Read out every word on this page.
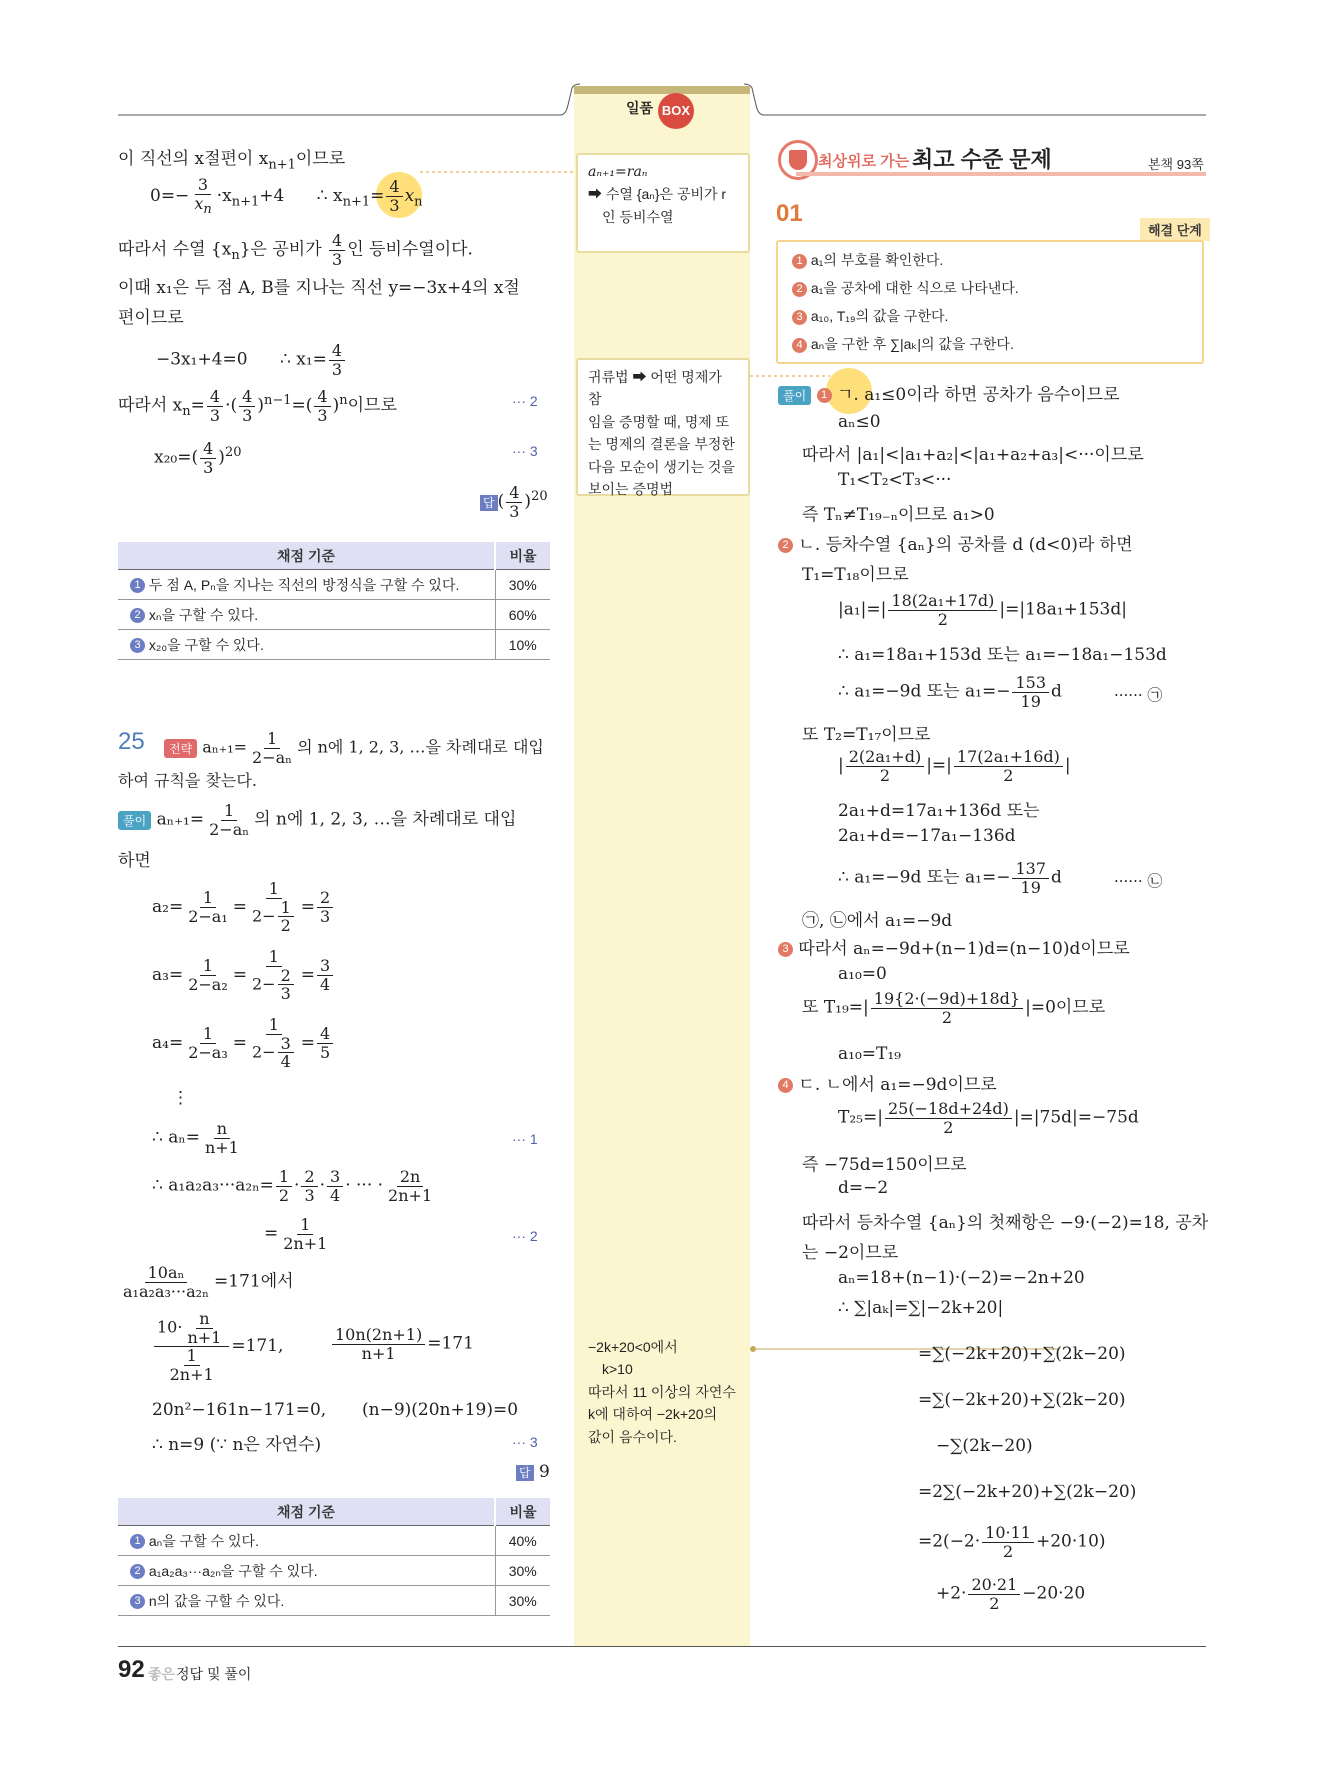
일품 BOX
이 직선의 x절편이 $x_{n+1}$이므로
$0=- \frac{3}{x_n} \cdot x_{n+1}+4$ ∴ $x_{n+1}= \frac{4}{3} x_n$
따라서 수열 $\{x_n\}$은 공비가 $\frac{4}{3}$ 인 등비수열이다.
이때 x₁은 두 점 A, B를 지나는 직선 y=−3x+4의 x절
편이므로
−3x₁+4=0 ∴ $x_1= \frac{4}{3}$
따라서 $x_n= \frac{4}{3}$ ·( $\frac{4}{3} )^{n-1}=( \frac{4}{3} )^n$이므로	··· 2
$x_{20}=( \frac{4}{3} )^{20}$	··· 3
답 ( $\frac{4}{3} )^{20}$
채점 기준	비율
1 두 점 A, Pₙ을 지나는 직선의 방정식을 구할 수 있다.	30%
2 xₙ을 구할 수 있다.	60%
3 x₂₀을 구할 수 있다.	10%
25	전략 $a_{n+1}= \frac{1}{\text{2−aₙ}}$ 의 n에 1, 2, 3, …을 차례대로 대입
하여 규칙을 찾는다.
풀이 $a_{n+1}= \frac{1}{\text{2−aₙ}}$ 의 n에 1, 2, 3, …을 차례대로 대입
하면
$a_2= \frac{1}{\text{2−a₁}} = \frac{1}{2- \frac{1}{2}} = \frac{2}{3}$
$a_3= \frac{1}{\text{2−a₂}} = \frac{1}{2- \frac{2}{3}} = \frac{3}{4}$
$a_4= \frac{1}{\text{2−a₃}} = \frac{1}{2- \frac{3}{4}} = \frac{4}{5}$
⋮
∴ $a_n= \frac{n}{n+1}$	··· 1
∴ $a_1a_2a_3\cdot\cdot\cdot a_{2n}= \frac{1}{2} \cdot \frac{2}{3} \cdot \frac{3}{4}$ · ··· · $\frac{2n}{2n+1}$
= $\frac{1}{2n+1}$	··· 2
$\frac{\text{10aₙ}}{\text{a₁a₂a₃···a₂ₙ}} =171$에서
$\frac{10\cdot \frac{n}{n+1}}{\frac{1}{2n+1}} =171$,	$\frac{10n(2n+1)}{n+1} =171$
20n²−161n−171=0, (n−9)(20n+19)=0
∴ n=9 (∵ n은 자연수)	··· 3
답 9
채점 기준	비율
1 aₙ을 구할 수 있다.	40%
2 a₁a₂a₃···a₂ₙ을 구할 수 있다.	30%
3 n의 값을 구할 수 있다.	30%
aₙ₊₁=raₙ
➡ 수열 {aₙ}은 공비가 r
인 등비수열
귀류법 ➡ 어떤 명제가 참
임을 증명할 때, 명제 또
는 명제의 결론을 부정한
다음 모순이 생기는 것을
보이는 증명법
−2k+20<0에서
k>10
따라서 11 이상의 자연수
k에 대하여 −2k+20의
값이 음수이다.
최상위로 가는 최고 수준 문제	본책 93쪽
01
해결 단계
1 a₁의 부호를 확인한다.
2 a₁을 공차에 대한 식으로 나타낸다.
3 a₁₀, T₁₉의 값을 구한다.
4 aₙ을 구한 후 ∑|aₖ|의 값을 구한다.
풀이 1 ㄱ. a₁≤0이라 하면 공차가 음수이므로
aₙ≤0
따라서 |a₁|<|a₁+a₂|<|a₁+a₂+a₃|<···이므로
T₁<T₂<T₃<···
즉 Tₙ≠T₁₉₋ₙ이므로 a₁>0
2 ㄴ. 등차수열 {aₙ}의 공차를 d (d<0)라 하면
T₁=T₁₈이므로
$|a_1|=| \frac{\text{18(2a₁+17d)}}{2} |=|18a_1+153d|$
∴ a₁=18a₁+153d 또는 a₁=−18a₁−153d
∴ a₁=−9d 또는 $a_1=- \frac{153}{19}$ d	······ ㉠
또 T₂=T₁₇이므로
| $\frac{\text{2(2a₁+d)}}{2}$ |=| $\frac{\text{17(2a₁+16d)}}{2}$ |
2a₁+d=17a₁+136d 또는
2a₁+d=−17a₁−136d
∴ a₁=−9d 또는 $a_1=- \frac{137}{19}$ d	······ ㉡
㉠, ㉡에서 a₁=−9d
3 따라서 aₙ=−9d+(n−1)d=(n−10)d이므로
a₁₀=0
또 $T_{19}=| \frac{19\{2\cdot(-9d)+18d\}}{2} |=0$이므로
a₁₀=T₁₉
4 ㄷ. ㄴ에서 a₁=−9d이므로
$T_{25}=| \frac{25(-18d+24d)}{2} |=|75d|=-75d$
즉 −75d=150이므로
d=−2
따라서 등차수열 {aₙ}의 첫째항은 −9·(−2)=18, 공차
는 −2이므로
aₙ=18+(n−1)·(−2)=−2n+20
∴ ∑|aₖ|=∑|−2k+20|
=∑(−2k+20)+∑(2k−20)
=∑(−2k+20)+∑(2k−20)
−∑(2k−20)
=2∑(−2k+20)+∑(2k−20)
$=2(-2\cdot \frac{10\cdot 11}{2} +20\cdot 10)$
$+2\cdot \frac{20\cdot 21}{2} -20\cdot 20$
92 좋은 정답 및 풀이
